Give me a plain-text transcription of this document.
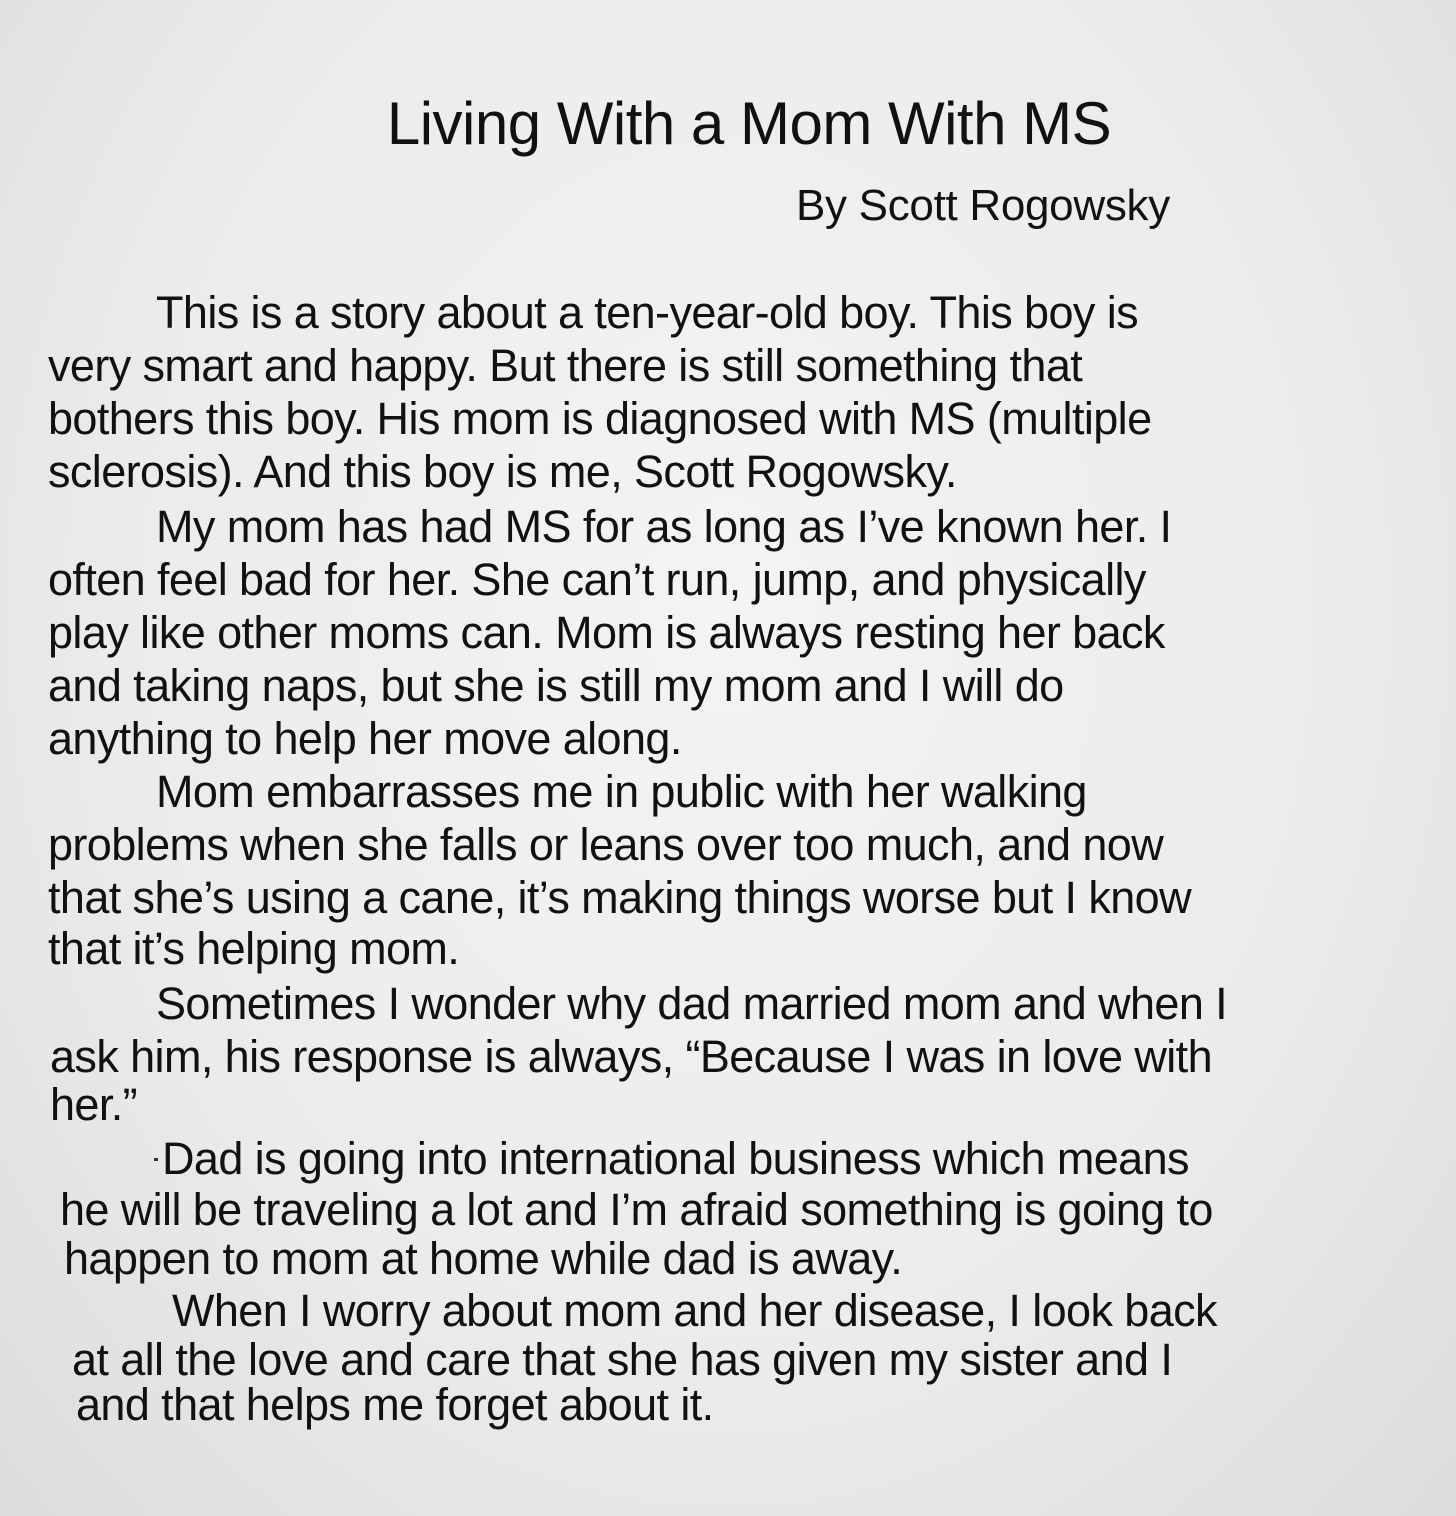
Living With a Mom With MS
By Scott Rogowsky
This is a story about a ten-year-old boy. This boy is
very smart and happy. But there is still something that
bothers this boy. His mom is diagnosed with MS (multiple
sclerosis). And this boy is me, Scott Rogowsky.
My mom has had MS for as long as I’ve known her. I
often feel bad for her. She can’t run, jump, and physically
play like other moms can. Mom is always resting her back
and taking naps, but she is still my mom and I will do
anything to help her move along.
Mom embarrasses me in public with her walking
problems when she falls or leans over too much, and now
that she’s using a cane, it’s making things worse but I know
that it’s helping mom.
Sometimes I wonder why dad married mom and when I
ask him, his response is always, “Because I was in love with
her.”
Dad is going into international business which means
he will be traveling a lot and I’m afraid something is going to
happen to mom at home while dad is away.
When I worry about mom and her disease, I look back
at all the love and care that she has given my sister and I
and that helps me forget about it.
